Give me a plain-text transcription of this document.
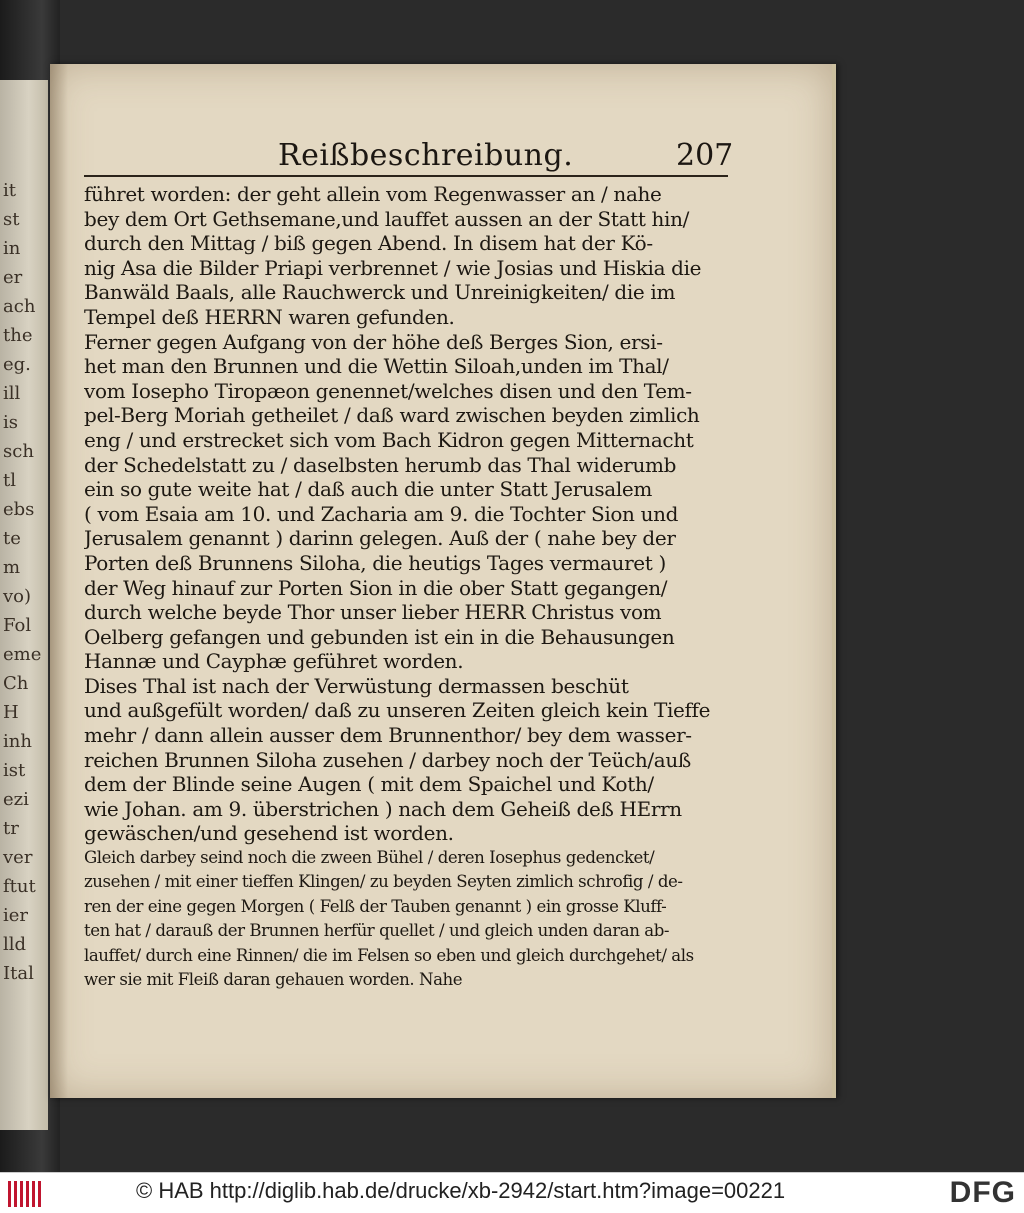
it
st
in
er
ach
the
eg.
ill
is
sch
tl
ebs
te
m
vo)
Fol
eme
Ch
H
inh
ist
ezi
tr
ver
ftut
ier
lld
Ital
Reißbeschreibung.	207
führet worden: der geht allein vom Regenwasser an / nahe
bey dem Ort Gethsemane,und lauffet aussen an der Statt hin/
durch den Mittag / biß gegen Abend. In disem hat der Kö-
nig Asa die Bilder Priapi verbrennet / wie Josias und Hiskia die
Banwäld Baals, alle Rauchwerck und Unreinigkeiten/ die im
Tempel deß HERRN waren gefunden.
Ferner gegen Aufgang von der höhe deß Berges Sion, ersi-
het man den Brunnen und die Wettin Siloah,unden im Thal/
vom Iosepho Tiropæon genennet/welches disen und den Tem-
pel-Berg Moriah getheilet / daß ward zwischen beyden zimlich
eng / und erstrecket sich vom Bach Kidron gegen Mitternacht
der Schedelstatt zu / daselbsten herumb das Thal widerumb
ein so gute weite hat / daß auch die unter Statt Jerusalem
( vom Esaia am 10. und Zacharia am 9. die Tochter Sion und
Jerusalem genannt ) darinn gelegen. Auß der ( nahe bey der
Porten deß Brunnens Siloha, die heutigs Tages vermauret )
der Weg hinauf zur Porten Sion in die ober Statt gegangen/
durch welche beyde Thor unser lieber HERR Christus vom
Oelberg gefangen und gebunden ist ein in die Behausungen
Hannæ und Cayphæ geführet worden.
Dises Thal ist nach der Verwüstung dermassen beschüt
und außgefült worden/ daß zu unseren Zeiten gleich kein Tieffe
mehr / dann allein ausser dem Brunnenthor/ bey dem wasser-
reichen Brunnen Siloha zusehen / darbey noch der Teüch/auß
dem der Blinde seine Augen ( mit dem Spaichel und Koth/
wie Johan. am 9. überstrichen ) nach dem Geheiß deß HErrn
gewäschen/und gesehend ist worden.
Gleich darbey seind noch die zween Bühel / deren Iosephus gedencket/
zusehen / mit einer tieffen Klingen/ zu beyden Seyten zimlich schrofig / de-
ren der eine gegen Morgen ( Felß der Tauben genannt ) ein grosse Kluff-
ten hat / darauß der Brunnen herfür quellet / und gleich unden daran ab-
lauffet/ durch eine Rinnen/ die im Felsen so eben und gleich durchgehet/ als
wer sie mit Fleiß daran gehauen worden. Nahe
© HAB http://diglib.hab.de/drucke/xb-2942/start.htm?image=00221	DFG
